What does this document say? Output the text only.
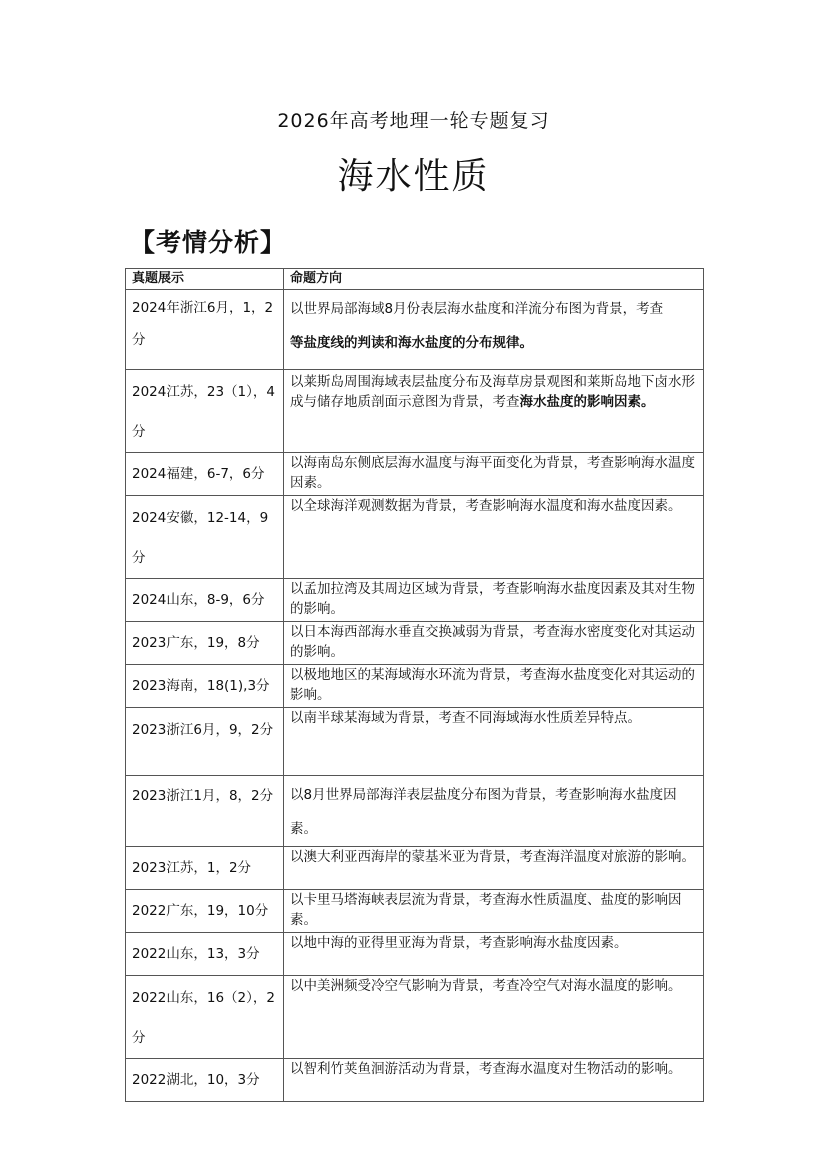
2026年高考地理一轮专题复习
海水性质
【考情分析】
真题展示	命题方向

2024年浙江6月，1，2分	以世界局部海域8月份表层海水盐度和洋流分布图为背景，考查
等盐度线的判读和海水盐度的分布规律。

2024江苏，23（1），4分	以莱斯岛周围海域表层盐度分布及海草房景观图和莱斯岛地下卤水形成与储存地质剖面示意图为背景，考查海水盐度的影响因素。

2024福建，6-7，6分	以海南岛东侧底层海水温度与海平面变化为背景，考查影响海水温度因素。

2024安徽，12-14，9分	以全球海洋观测数据为背景，考查影响海水温度和海水盐度因素。

2024山东，8-9，6分	以孟加拉湾及其周边区域为背景，考查影响海水盐度因素及其对生物的影响。

2023广东，19，8分	以日本海西部海水垂直交换减弱为背景，考查海水密度变化对其运动的影响。

2023海南，18(1),3分	以极地地区的某海域海水环流为背景，考查海水盐度变化对其运动的影响。

2023浙江6月，9，2分	以南半球某海域为背景，考查不同海域海水性质差异特点。

2023浙江1月，8，2分	以8月世界局部海洋表层盐度分布图为背景，考查影响海水盐度因素。

2023江苏，1，2分	以澳大利亚西海岸的蒙基米亚为背景，考查海洋温度对旅游的影响。

2022广东，19，10分	以卡里马塔海峡表层流为背景，考查海水性质温度、盐度的影响因素。

2022山东，13，3分	以地中海的亚得里亚海为背景，考查影响海水盐度因素。

2022山东，16（2），2分	以中美洲频受冷空气影响为背景，考查冷空气对海水温度的影响。

2022湖北，10，3分	以智利竹荚鱼洄游活动为背景，考查海水温度对生物活动的影响。
